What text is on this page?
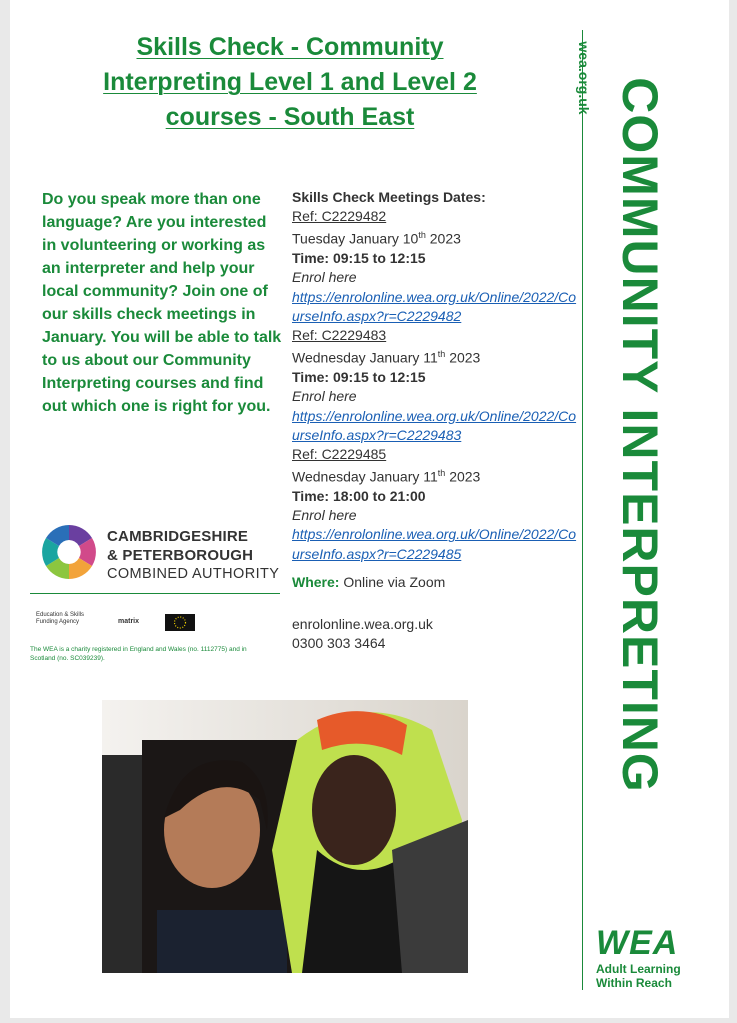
Skills Check - Community
Interpreting Level 1 and Level 2
courses - South East
Do you speak more than one language? Are you interested in volunteering or working as an interpreter and help your local community? Join one of our skills check meetings in January. You will be able to talk to us about our Community Interpreting courses and find out which one is right for you.
Skills Check Meetings Dates:
Ref: C2229482
Tuesday January 10th 2023
Time: 09:15 to 12:15
Enrol here
https://enrolonline.wea.org.uk/Online/2022/CourseInfo.aspx?r=C2229482
Ref: C2229483
Wednesday January 11th 2023
Time: 09:15 to 12:15
Enrol here
https://enrolonline.wea.org.uk/Online/2022/CourseInfo.aspx?r=C2229483
Ref: C2229485
Wednesday January 11th 2023
Time: 18:00 to 21:00
Enrol here
https://enrolonline.wea.org.uk/Online/2022/CourseInfo.aspx?r=C2229485
Where: Online via Zoom
enrolonline.wea.org.uk
0300 303 3464
CAMBRIDGESHIRE
& PETERBOROUGH
COMBINED AUTHORITY
Education & Skills
Funding Agency	matrix
The WEA is a charity registered in England and Wales (no. 1112775) and in Scotland (no. SC039239).
wea.org.uk COMMUNITY INTERPRETING
WEA
Adult Learning
Within Reach
